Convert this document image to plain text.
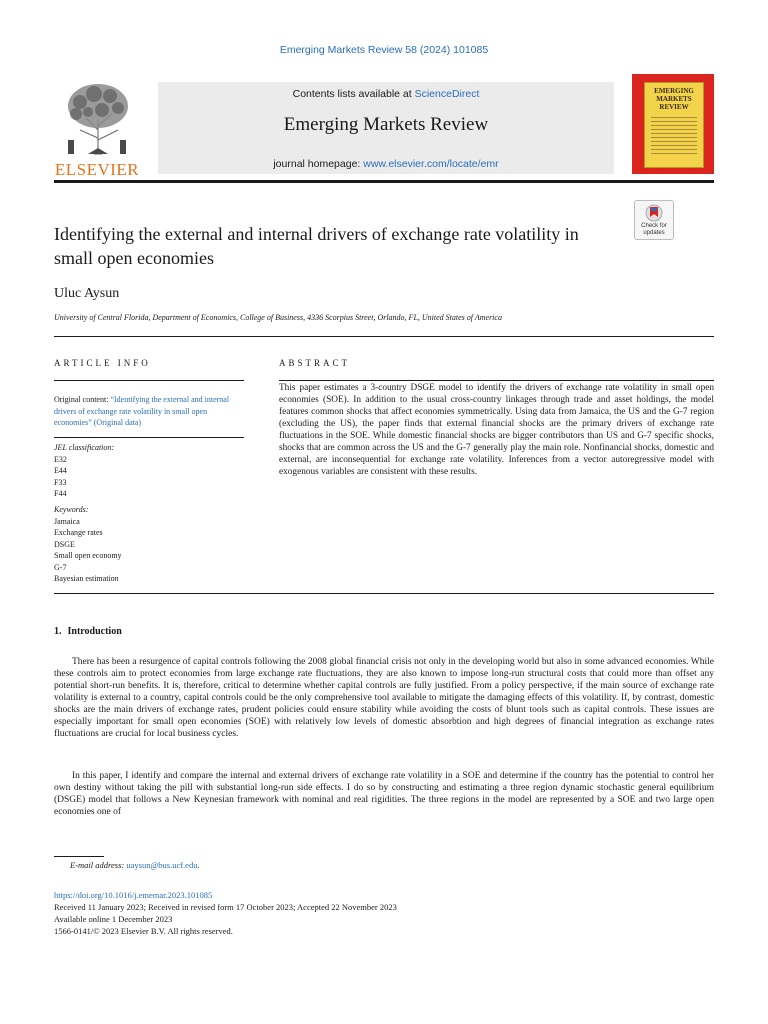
Emerging Markets Review 58 (2024) 101085
ELSEVIER
Contents lists available at ScienceDirect
Emerging Markets Review
journal homepage: www.elsevier.com/locate/emr
EMERGING MARKETS REVIEW
Check for updates
Identifying the external and internal drivers of exchange rate volatility in small open economies
Uluc Aysun
University of Central Florida, Department of Economics, College of Business, 4336 Scorpius Street, Orlando, FL, United States of America
ARTICLE INFO	ABSTRACT
Original content: “Identifying the external and internal drivers of exchange rate volatility in small open economies” (Original data)
JEL classification:
E32
E44
F33
F44
Keywords:
Jamaica
Exchange rates
DSGE
Small open economy
G-7
Bayesian estimation
This paper estimates a 3-country DSGE model to identify the drivers of exchange rate volatility in small open economies (SOE). In addition to the usual cross-country linkages through trade and asset holdings, the model features common shocks that affect economies symmetrically. Using data from Jamaica, the US and the G-7 region (excluding the US), the paper finds that external financial shocks are the primary drivers of exchange rate fluctuations in the SOE. While domestic financial shocks are bigger contributors than US and G-7 specific shocks, shocks that are common across the US and the G-7 generally play the main role. Nonfinancial shocks, domestic and external, are inconsequential for exchange rate volatility. Inferences from a vector autoregressive model with exogenous variables are consistent with these results.
1. Introduction
There has been a resurgence of capital controls following the 2008 global financial crisis not only in the developing world but also in some advanced economies. While these controls aim to protect economies from large exchange rate fluctuations, they are also known to impose long-run structural costs that could more than offset any potential short-run benefits. It is, therefore, critical to determine whether capital controls are fully justified. From a policy perspective, if the main source of exchange rate volatility is external to a country, capital controls could be the only comprehensive tool available to mitigate the damaging effects of this volatility. If, by contrast, domestic shocks are the main drivers of exchange rates, prudent policies could ensure stability while avoiding the costs of blunt tools such as capital controls. These issues are especially important for small open economies (SOE) with relatively low levels of domestic absorbtion and high degrees of financial integration as exchange rates fluctuations are crucial for local business cycles.
In this paper, I identify and compare the internal and external drivers of exchange rate volatility in a SOE and determine if the country has the potential to control her own destiny without taking the pill with substantial long-run side effects. I do so by constructing and estimating a three region dynamic stochastic general equilibrium (DSGE) model that follows a New Keynesian framework with nominal and real rigidities. The three regions in the model are represented by a SOE and two large open economies one of
E-mail address: uaysun@bus.ucf.edu.
https://doi.org/10.1016/j.ememar.2023.101085
Received 11 January 2023; Received in revised form 17 October 2023; Accepted 22 November 2023
Available online 1 December 2023
1566-0141/© 2023 Elsevier B.V. All rights reserved.
